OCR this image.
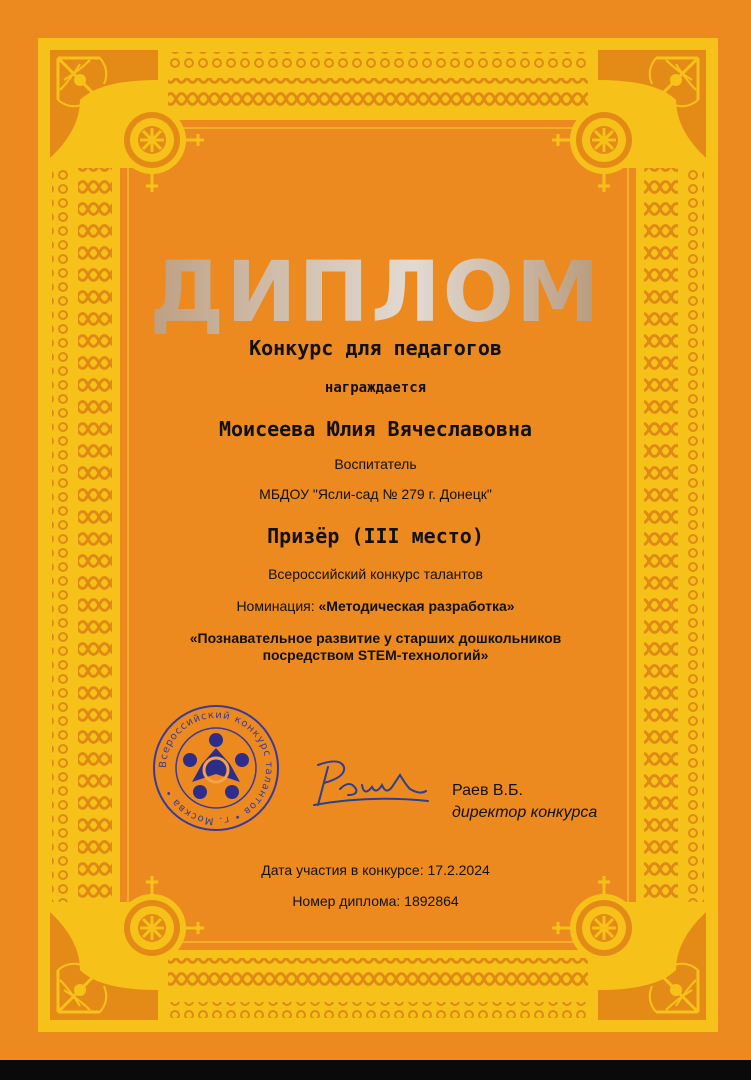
ДИПЛОМ
Конкурс для педагогов
награждается
Моисеева Юлия Вячеславовна
Воспитатель
МБДОУ "Ясли-сад № 279 г. Донецк"
Призёр (III место)
Всероссийский конкурс талантов
Номинация: «Методическая разработка»
«Познавательное развитие у старших дошкольников
посредством STEM-технологий»
Всероссийский конкурс талантов • г. Москва •	Раев В.Б.
директор конкурса
Дата участия в конкурсе: 17.2.2024
Номер диплома: 1892864
